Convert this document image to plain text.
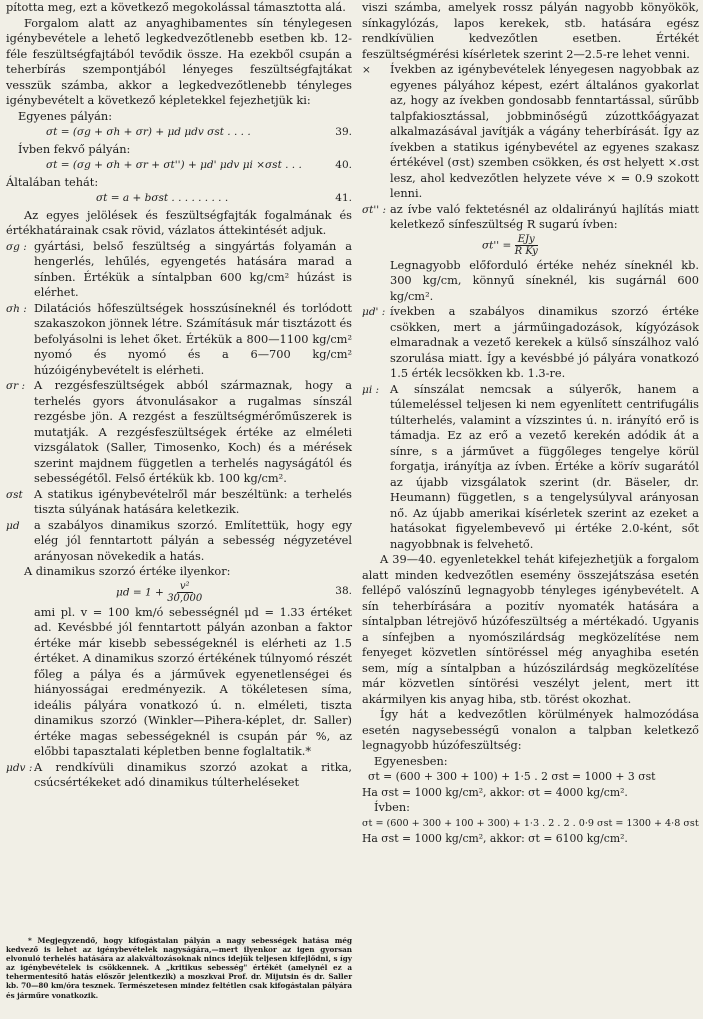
pította meg, ezt a következő megokolással támasztotta alá.

Forgalom alatt az anyaghibamentes sín ténylegesen igénybevétele a lehető legkedvezőtlenebb esetben kb. 12-féle feszültségfajtából tevődik össze. Ha ezekből csupán a teherbírás szempontjából lényeges feszültségfajtákat vesszük számba, akkor a legkedvezőtlenebb tényleges igénybevételt a következő képletekkel fejezhetjük ki:

Egyenes pályán:

σt = (σg + σh + σr) + μd μdv σst . . . .	39.

Ívben fekvő pályán:

σt = (σg + σh + σr + σt'') + μd' μdv μi ×σst . . .	40.

Általában tehát:

σt = a + bσst . . . . . . . . .	41.

Az egyes jelölések és feszültségfajták fogalmának és értékhatárainak csak rövid, vázlatos áttekintését adjuk.

σg : gyártási, belső feszültség a singyártás folyamán a hengerlés, lehűlés, egyengetés hatására marad a sínben. Értékük a síntalpban 600 kg/cm² húzást is elérhet.
σh : Dilatációs hőfeszültségek hosszúsíneknél és torlódott szakaszokon jönnek létre. Számításuk már tisztázott és befolyásolni is lehet őket. Értékük a 800—1100 kg/cm² nyomó és nyomó és a 6—700 kg/cm² húzóigénybevételt is elérheti.
σr : A rezgésfeszültségek abból származnak, hogy a terhelés gyors átvonulásakor a rugalmas sínszál rezgésbe jön. A rezgést a feszültségmérőműszerek is mutatják. A rezgésfeszültségek értéke az elméleti vizsgálatok (Saller, Timosenko, Koch) és a mérések szerint majdnem független a terhelés nagyságától és sebességétől. Felső értékük kb. 100 kg/cm².
σst A statikus igénybevételről már beszéltünk: a terhelés tiszta súlyának hatására keletkezik.
μd	a szabályos dinamikus szorzó. Említettük, hogy egy elég jól fenntartott pályán a sebesség négyzetével arányosan növekedik a hatás.

A dinamikus szorzó értéke ilyenkor:

$\mu d = 1 + \frac{\text{v²}}{30,000}$	38.

ami pl. v = 100 km/ó sebességnél μd = 1.33 értéket ad. Kevésbbé jól fenntartott pályán azonban a faktor értéke már kisebb sebességeknél is elérheti az 1.5 értéket. A dinamikus szorzó értékének túlnyomó részét főleg a pálya és a járművek egyenetlenségei és hiányosságai eredményezik. A tökéletesen síma, ideális pályára vonatkozó ú. n. elméleti, tiszta dinamikus szorzó (Winkler—Pihera-képlet, dr. Saller) értéke magas sebességeknél is csupán pár %, az előbbi tapasztalati képletben benne foglaltatik.*

μdv : A rendkívüli dinamikus szorzó azokat a ritka, csúcsértékeket adó dinamikus túlterheléseket
* Megjegyzendő, hogy kifogástalan pályán a nagy sebességek hatása még kedvező is lehet az igénybevételek nagyságára,—mert ilyenkor az igen gyorsan elvonuló terhelés hatására az alakváltozásoknak nincs idejük teljesen kifejlődni, s így az igénybevételek is csökkennek. A „kritikus sebesség" értékét (amelynél ez a tehermentesítő hatás először jelentkezik) a moszkvai Prof. dr. Mijutsin és dr. Saller kb. 70—80 km/óra tesznek. Természetesen mindez feltétlen csak kifogástalan pályára és járműre vonatkozik.

viszi számba, amelyek rossz pályán nagyobb könyökök, sínkagylózás, lapos kerekek, stb. hatására egész rendkívülien kedvezőtlen esetben. Értékét feszültségmérési kísérletek szerint 2—2.5-re lehet venni.

×	Ívekben az igénybevételek lényegesen nagyobbak az egyenes pályához képest, ezért általános gyakorlat az, hogy az ívekben gondosabb fenntartással, sűrűbb talpfakiosztással, jobbminőségű zúzottkőágyazat alkalmazásával javítják a vágány teherbírását. Így az ívekben a statikus igénybevétel az egyenes szakasz értékével (σst) szemben csökken, és σst helyett ×.σst lesz, ahol kedvezőtlen helyzete véve × = 0.9 szokott lenni.
σt'' : az ívbe való fektetésnél az oldalirányú hajlítás miatt keletkező sínfeszültség R sugarú ívben:
$\sigma t'' = \frac{\text{EJy}}{\text{R Ky}}$

Legnagyobb előforduló értéke nehéz síneknél kb. 300 kg/cm, könnyű síneknél, kis sugárnál 600 kg/cm².

μd' : ívekben a szabályos dinamikus szorzó értéke csökken, mert a járműingadozások, kígyózások elmaradnak a vezető kerekek a külső sínszálhoz való szorulása miatt. Így a kevésbbé jó pályára vonatkozó 1.5 érték lecsökken kb. 1.3-re.
μi : A sínszálat nemcsak a súlyerők, hanem a túlemeléssel teljesen ki nem egyenlített centrifugális túlterhelés, valamint a vízszintes ú. n. irányító erő is támadja. Ez az erő a vezető kerekén adódik át a sínre, s a járművet a függőleges tengelye körül forgatja, irányítja az ívben. Értéke a körív sugarától az újabb vizsgálatok szerint (dr. Bäseler, dr. Heumann) független, s a tengelysúlyval arányosan nő. Az újabb amerikai kísérletek szerint az ezeket a hatásokat figyelembevevő μi értéke 2.0-ként, sőt nagyobbnak is felvehető.

A 39—40. egyenletekkel tehát kifejezhetjük a forgalom alatt minden kedvezőtlen esemény összejátszása esetén fellépő valószínű legnagyobb tényleges igénybevételt. A sín teherbírására a pozitív nyomaték hatására a síntalpban létrejövő húzófeszültség a mértékadó. Ugyanis a sínfejben a nyomószilárdság megközelítése nem fenyeget közvetlen síntöréssel még anyaghiba esetén sem, míg a síntalpban a húzószilárdság megközelítése már közvetlen síntörési veszélyt jelent, mert itt akármilyen kis anyag hiba, stb. törést okozhat.

Így hát a kedvezőtlen körülmények halmozódása esetén nagysebességű vonalon a talpban keletkező legnagyobb húzófeszültség:

Egyenesben:

σt = (600 + 300 + 100) + 1·5 . 2 σst = 1000 + 3 σst

Ha σst = 1000 kg/cm², akkor: σt = 4000 kg/cm².

Ívben:

σt = (600 + 300 + 100 + 300) + 1·3 . 2 . 2 . 0·9 σst = 1300 + 4·8 σst

Ha σst = 1000 kg/cm², akkor: σt = 6100 kg/cm².
